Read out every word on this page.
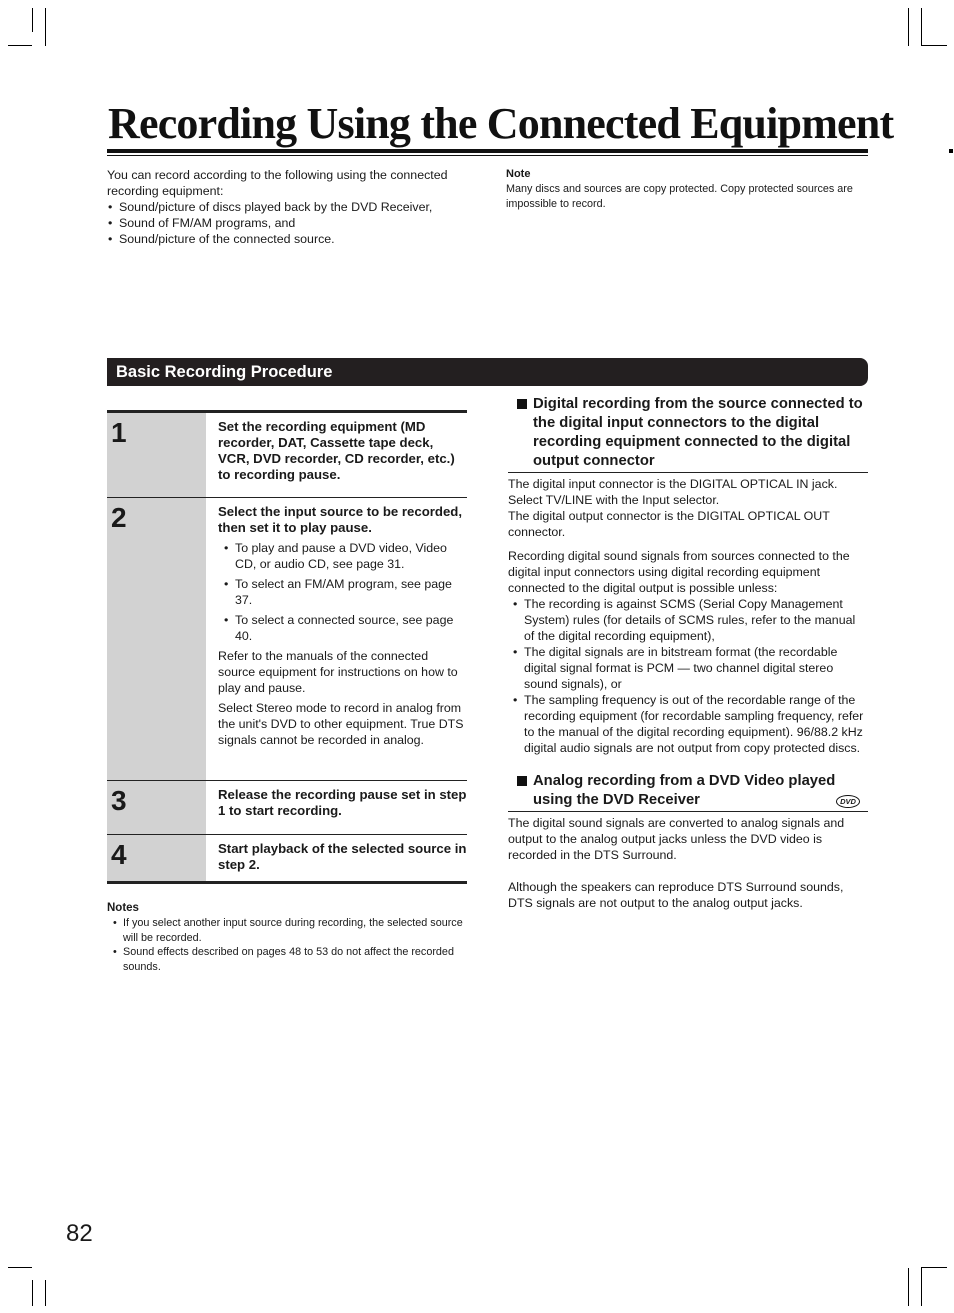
Recording Using the Connected Equipment

You can record according to the following using the connected recording equipment:

• Sound/picture of discs played back by the DVD Receiver,
• Sound of FM/AM programs, and
• Sound/picture of the connected source.

Note

Many discs and sources are copy protected. Copy protected sources are impossible to record.

Basic Recording Procedure
1	Set the recording equipment (MD recorder, DAT, Cassette tape deck, VCR, DVD recorder, CD recorder, etc.) to recording pause.
2	Select the input source to be recorded, then set it to play pause.
• To play and pause a DVD video, Video CD, or audio CD, see page 31.
• To select an FM/AM program, see page 37.
• To select a connected source, see page 40.

Refer to the manuals of the connected source equipment for instructions on how to play and pause.

Select Stereo mode to record in analog from the unit's DVD to other equipment. True DTS signals cannot be recorded in analog.

3	Release the recording pause set in step 1 to start recording.
4	Start playback of the selected source in step 2.
Notes
• If you select another input source during recording, the selected source will be recorded.
• Sound effects described on pages 48 to 53 do not affect the recorded sounds.
Digital recording from the source connected to the digital input connectors to the digital recording equipment connected to the digital output connector

The digital input connector is the DIGITAL OPTICAL IN jack.

Select TV/LINE with the Input selector.

The digital output connector is the DIGITAL OPTICAL OUT connector.

Recording digital sound signals from sources connected to the digital input connectors using digital recording equipment connected to the digital output is possible unless:

• The recording is against SCMS (Serial Copy Management System) rules (for details of SCMS rules, refer to the manual of the digital recording equipment),
• The digital signals are in bitstream format (the recordable digital signal format is PCM — two channel digital stereo sound signals), or
• The sampling frequency is out of the recordable range of the recording equipment (for recordable sampling frequency, refer to the manual of the digital recording equipment). 96/88.2 kHz digital audio signals are not output from copy protected discs.
Analog recording from a DVD Video played using the DVD Receiver	DVD

The digital sound signals are converted to analog signals and output to the analog output jacks unless the DVD video is recorded in the DTS Surround.

Although the speakers can reproduce DTS Surround sounds, DTS signals are not output to the analog output jacks.

82
